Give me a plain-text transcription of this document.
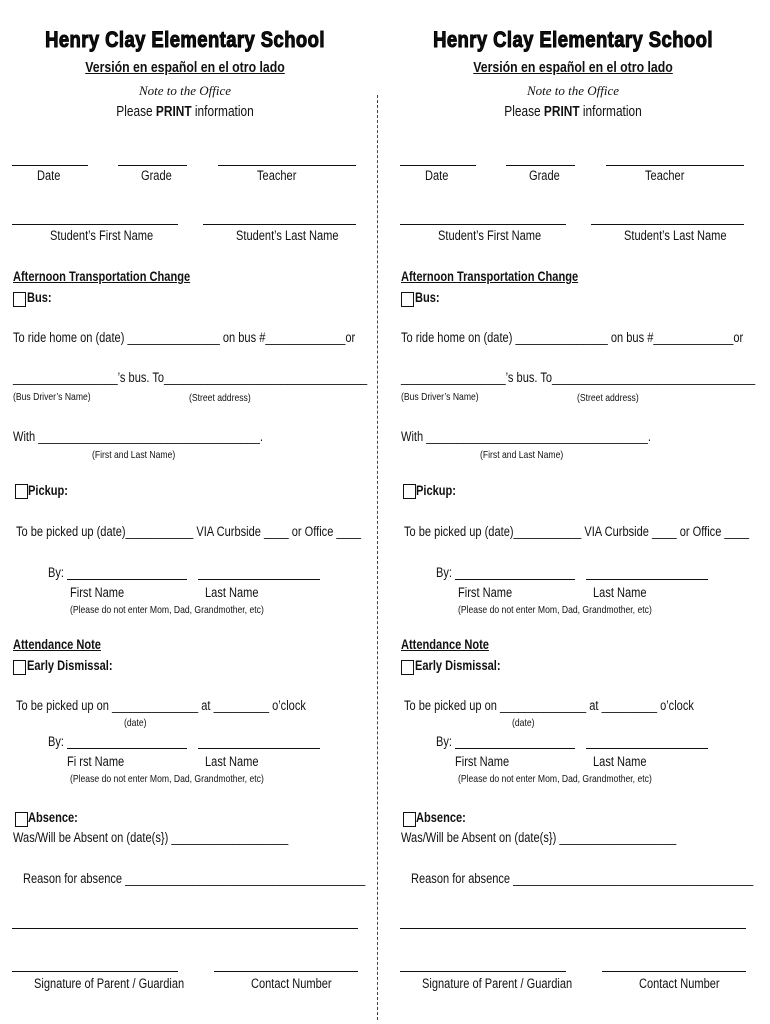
Henry Clay Elementary School
Versión en español en el otro lado
Note to the Office
Please PRINT information
Date	Grade	Teacher
Student’s First Name	Student’s Last Name
Afternoon Transportation Change
Bus:
To ride home on (date) _______________ on bus #_____________or
_________________’s bus. To_________________________________
(Bus Driver’s Name)	(Street address)
With ____________________________________.
(First and Last Name)
Pickup:
To be picked up (date)___________ VIA Curbside ____ or Office ____
By:
First Name	Last Name
(Please do not enter Mom, Dad, Grandmother, etc)
Attendance Note
Early Dismissal:
To be picked up on ______________ at _________ o’clock
(date)
By:
Fi rst Name	Last Name
(Please do not enter Mom, Dad, Grandmother, etc)
Absence:
Was/Will be Absent on (date(s}) ___________________
Reason for absence _______________________________________
Signature of Parent / Guardian	Contact Number
Henry Clay Elementary School
Versión en español en el otro lado
Note to the Office
Please PRINT information
Date	Grade	Teacher
Student’s First Name	Student’s Last Name
Afternoon Transportation Change
Bus:
To ride home on (date) _______________ on bus #_____________or
_________________’s bus. To_________________________________
(Bus Driver’s Name)	(Street address)
With ____________________________________.
(First and Last Name)
Pickup:
To be picked up (date)___________ VIA Curbside ____ or Office ____
By:
First Name	Last Name
(Please do not enter Mom, Dad, Grandmother, etc)
Attendance Note
Early Dismissal:
To be picked up on ______________ at _________ o’clock
(date)
By:
First Name	Last Name
(Please do not enter Mom, Dad, Grandmother, etc)
Absence:
Was/Will be Absent on (date(s}) ___________________
Reason for absence _______________________________________
Signature of Parent / Guardian	Contact Number
